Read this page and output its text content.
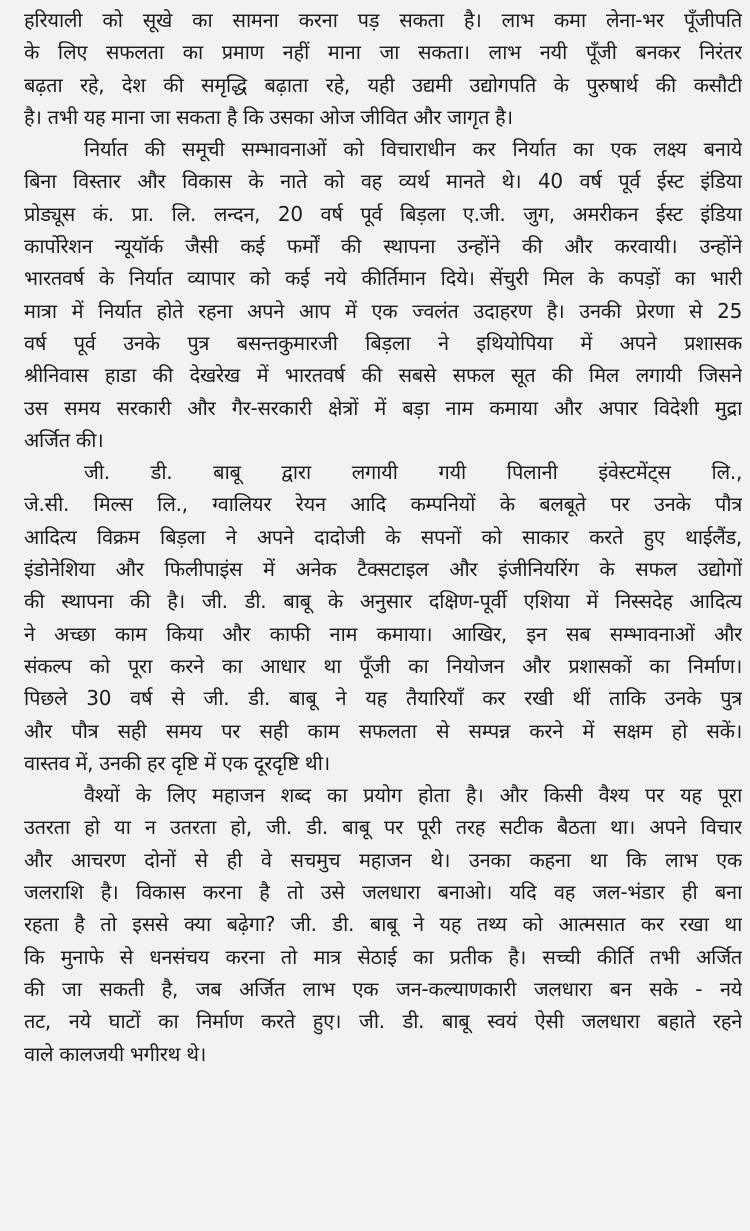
हरियाली को सूखे का सामना करना पड़ सकता है। लाभ कमा लेना-भर पूँजीपति
के लिए सफलता का प्रमाण नहीं माना जा सकता। लाभ नयी पूँजी बनकर निरंतर
बढ़ता रहे, देश की समृद्धि बढ़ाता रहे, यही उद्यमी उद्योगपति के पुरुषार्थ की कसौटी
है। तभी यह माना जा सकता है कि उसका ओज जीवित और जागृत है।
निर्यात की समूची सम्भावनाओं को विचाराधीन कर निर्यात का एक लक्ष्य बनाये
बिना विस्तार और विकास के नाते को वह व्यर्थ मानते थे। 40 वर्ष पूर्व ईस्ट इंडिया
प्रोड्यूस कं. प्रा. लि. लन्दन, 20 वर्ष पूर्व बिड़ला ए.जी. जुग, अमरीकन ईस्ट इंडिया
कार्पोरेशन न्यूयॉर्क जैसी कई फर्मों की स्थापना उन्होंने की और करवायी। उन्होंने
भारतवर्ष के निर्यात व्यापार को कई नये कीर्तिमान दिये। सेंचुरी मिल के कपड़ों का भारी
मात्रा में निर्यात होते रहना अपने आप में एक ज्वलंत उदाहरण है। उनकी प्रेरणा से 25
वर्ष पूर्व उनके पुत्र बसन्तकुमारजी बिड़ला ने इथियोपिया में अपने प्रशासक
श्रीनिवास हाडा की देखरेख में भारतवर्ष की सबसे सफल सूत की मिल लगायी जिसने
उस समय सरकारी और गैर-सरकारी क्षेत्रों में बड़ा नाम कमाया और अपार विदेशी मुद्रा
अर्जित की।
जी. डी. बाबू द्वारा लगायी गयी पिलानी इंवेस्टमेंट्स लि.,
जे.सी. मिल्स लि., ग्वालियर रेयन आदि कम्पनियों के बलबूते पर उनके पौत्र
आदित्य विक्रम बिड़ला ने अपने दादोजी के सपनों को साकार करते हुए थाईलैंड,
इंडोनेशिया और फिलीपाइंस में अनेक टैक्सटाइल और इंजीनियरिंग के सफल उद्योगों
की स्थापना की है। जी. डी. बाबू के अनुसार दक्षिण-पूर्वी एशिया में निस्सदेह आदित्य
ने अच्छा काम किया और काफी नाम कमाया। आखिर, इन सब सम्भावनाओं और
संकल्प को पूरा करने का आधार था पूँजी का नियोजन और प्रशासकों का निर्माण।
पिछले 30 वर्ष से जी. डी. बाबू ने यह तैयारियाँ कर रखी थीं ताकि उनके पुत्र
और पौत्र सही समय पर सही काम सफलता से सम्पन्न करने में सक्षम हो सकें।
वास्तव में, उनकी हर दृष्टि में एक दूरदृष्टि थी।
वैश्यों के लिए महाजन शब्द का प्रयोग होता है। और किसी वैश्य पर यह पूरा
उतरता हो या न उतरता हो, जी. डी. बाबू पर पूरी तरह सटीक बैठता था। अपने विचार
और आचरण दोनों से ही वे सचमुच महाजन थे। उनका कहना था कि लाभ एक
जलराशि है। विकास करना है तो उसे जलधारा बनाओ। यदि वह जल-भंडार ही बना
रहता है तो इससे क्या बढ़ेगा? जी. डी. बाबू ने यह तथ्य को आत्मसात कर रखा था
कि मुनाफे से धनसंचय करना तो मात्र सेठाई का प्रतीक है। सच्ची कीर्ति तभी अर्जित
की जा सकती है, जब अर्जित लाभ एक जन-कल्याणकारी जलधारा बन सके - नये
तट, नये घाटों का निर्माण करते हुए। जी. डी. बाबू स्वयं ऐसी जलधारा बहाते रहने
वाले कालजयी भगीरथ थे।
